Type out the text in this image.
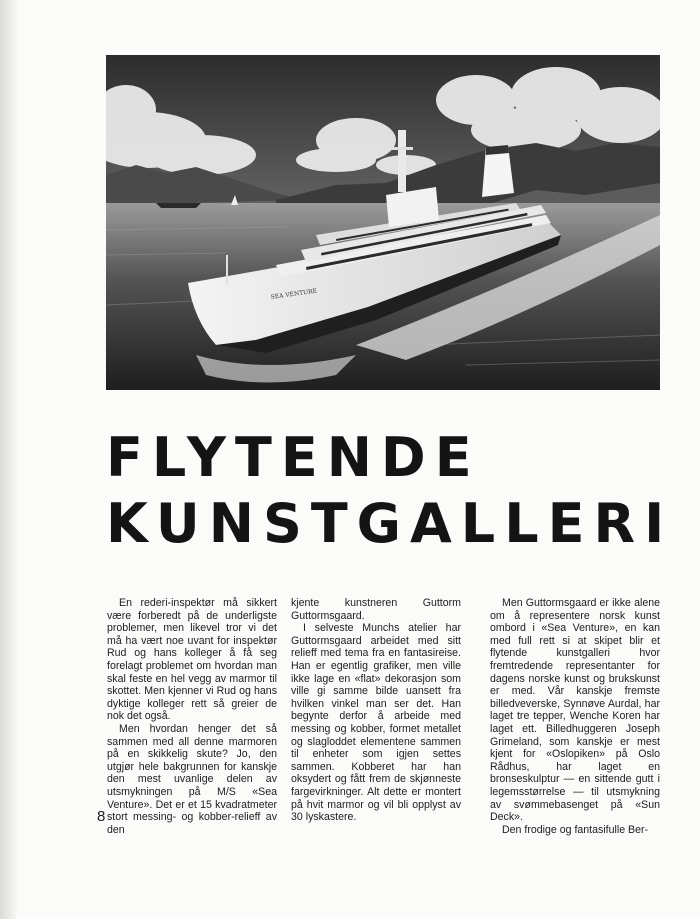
SEA VENTURE
FLYTENDE
KUNSTGALLERI

En rederi-inspektør må sikkert være forberedt på de underligste problemer, men likevel tror vi det må ha vært noe uvant for inspektør Rud og hans kolleger å få seg forelagt problemet om hvordan man skal feste en hel vegg av marmor til skottet. Men kjenner vi Rud og hans dyktige kolleger rett så greier de nok det også.

Men hvordan henger det så sammen med all denne marmoren på en skikkelig skute? Jo, den utgjør hele bakgrunnen for kanskje den mest uvanlige delen av utsmykningen på M/S «Sea Venture». Det er et 15 kvadratmeter stort messing- og kobber-relieff av den

kjente kunstneren Guttorm Guttormsgaard.

I selveste Munchs atelier har Guttormsgaard arbeidet med sitt relieff med tema fra en fantasireise. Han er egentlig grafiker, men ville ikke lage en «flat» dekorasjon som ville gi samme bilde uansett fra hvilken vinkel man ser det. Han begynte derfor å arbeide med messing og kobber, formet metallet og slagloddet elementene sammen til enheter som igjen settes sammen. Kobberet har han oksydert og fått frem de skjønneste fargevirkninger. Alt dette er montert på hvit marmor og vil bli opplyst av 30 lyskastere.

Men Guttormsgaard er ikke alene om å representere norsk kunst ombord i «Sea Venture», en kan med full rett si at skipet blir et flytende kunstgalleri hvor fremtredende representanter for dagens norske kunst og brukskunst er med. Vår kanskje fremste billedveverske, Synnøve Aurdal, har laget tre tepper, Wenche Koren har laget ett. Billedhuggeren Joseph Grimeland, som kanskje er mest kjent for «Oslopiken» på Oslo Rådhus, har laget en bronseskulptur — en sittende gutt i legemsstørrelse — til utsmykning av svømmebasenget på «Sun Deck».

Den frodige og fantasifulle Ber-

8
